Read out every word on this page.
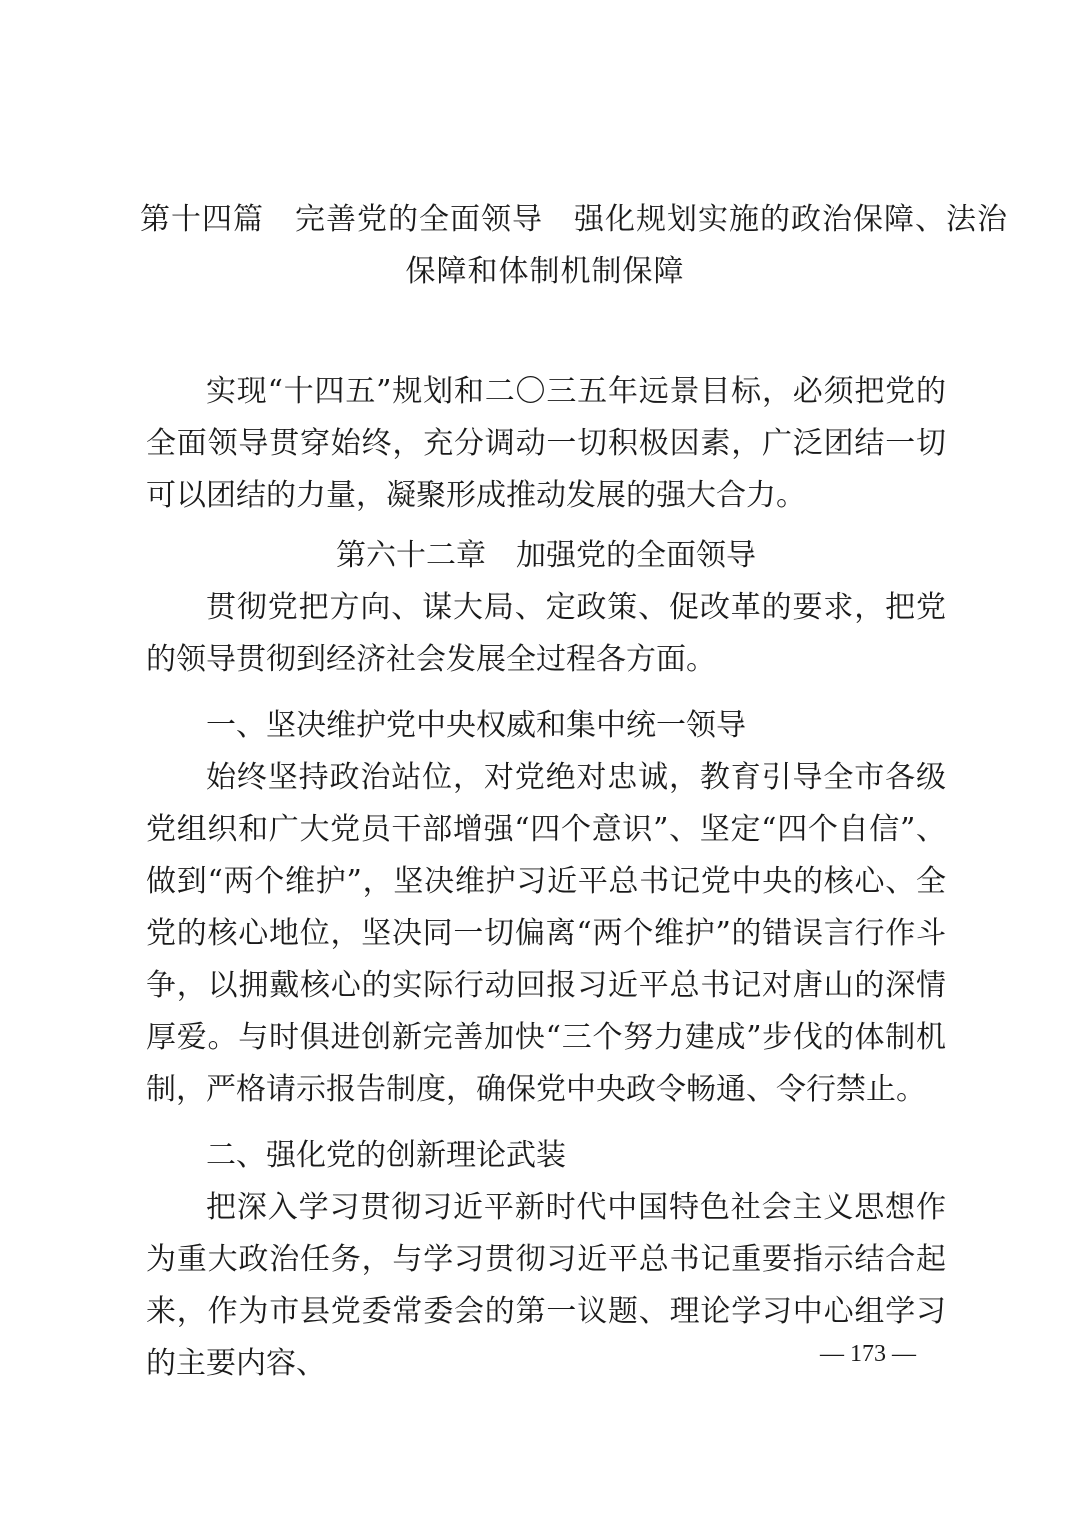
第十四篇　完善党的全面领导　强化规划实施的政治保障、法治
保障和体制机制保障

实现“十四五”规划和二〇三五年远景目标，必须把党的全面领导贯穿始终，充分调动一切积极因素，广泛团结一切可以团结的力量，凝聚形成推动发展的强大合力。

第六十二章　加强党的全面领导

贯彻党把方向、谋大局、定政策、促改革的要求，把党的领导贯彻到经济社会发展全过程各方面。

一、坚决维护党中央权威和集中统一领导

始终坚持政治站位，对党绝对忠诚，教育引导全市各级党组织和广大党员干部增强“四个意识”、坚定“四个自信”、做到“两个维护”，坚决维护习近平总书记党中央的核心、全党的核心地位，坚决同一切偏离“两个维护”的错误言行作斗争，以拥戴核心的实际行动回报习近平总书记对唐山的深情厚爱。与时俱进创新完善加快“三个努力建成”步伐的体制机制，严格请示报告制度，确保党中央政令畅通、令行禁止。

二、强化党的创新理论武装

把深入学习贯彻习近平新时代中国特色社会主义思想作为重大政治任务，与学习贯彻习近平总书记重要指示结合起来，作为市县党委常委会的第一议题、理论学习中心组学习的主要内容、	— 173 —
